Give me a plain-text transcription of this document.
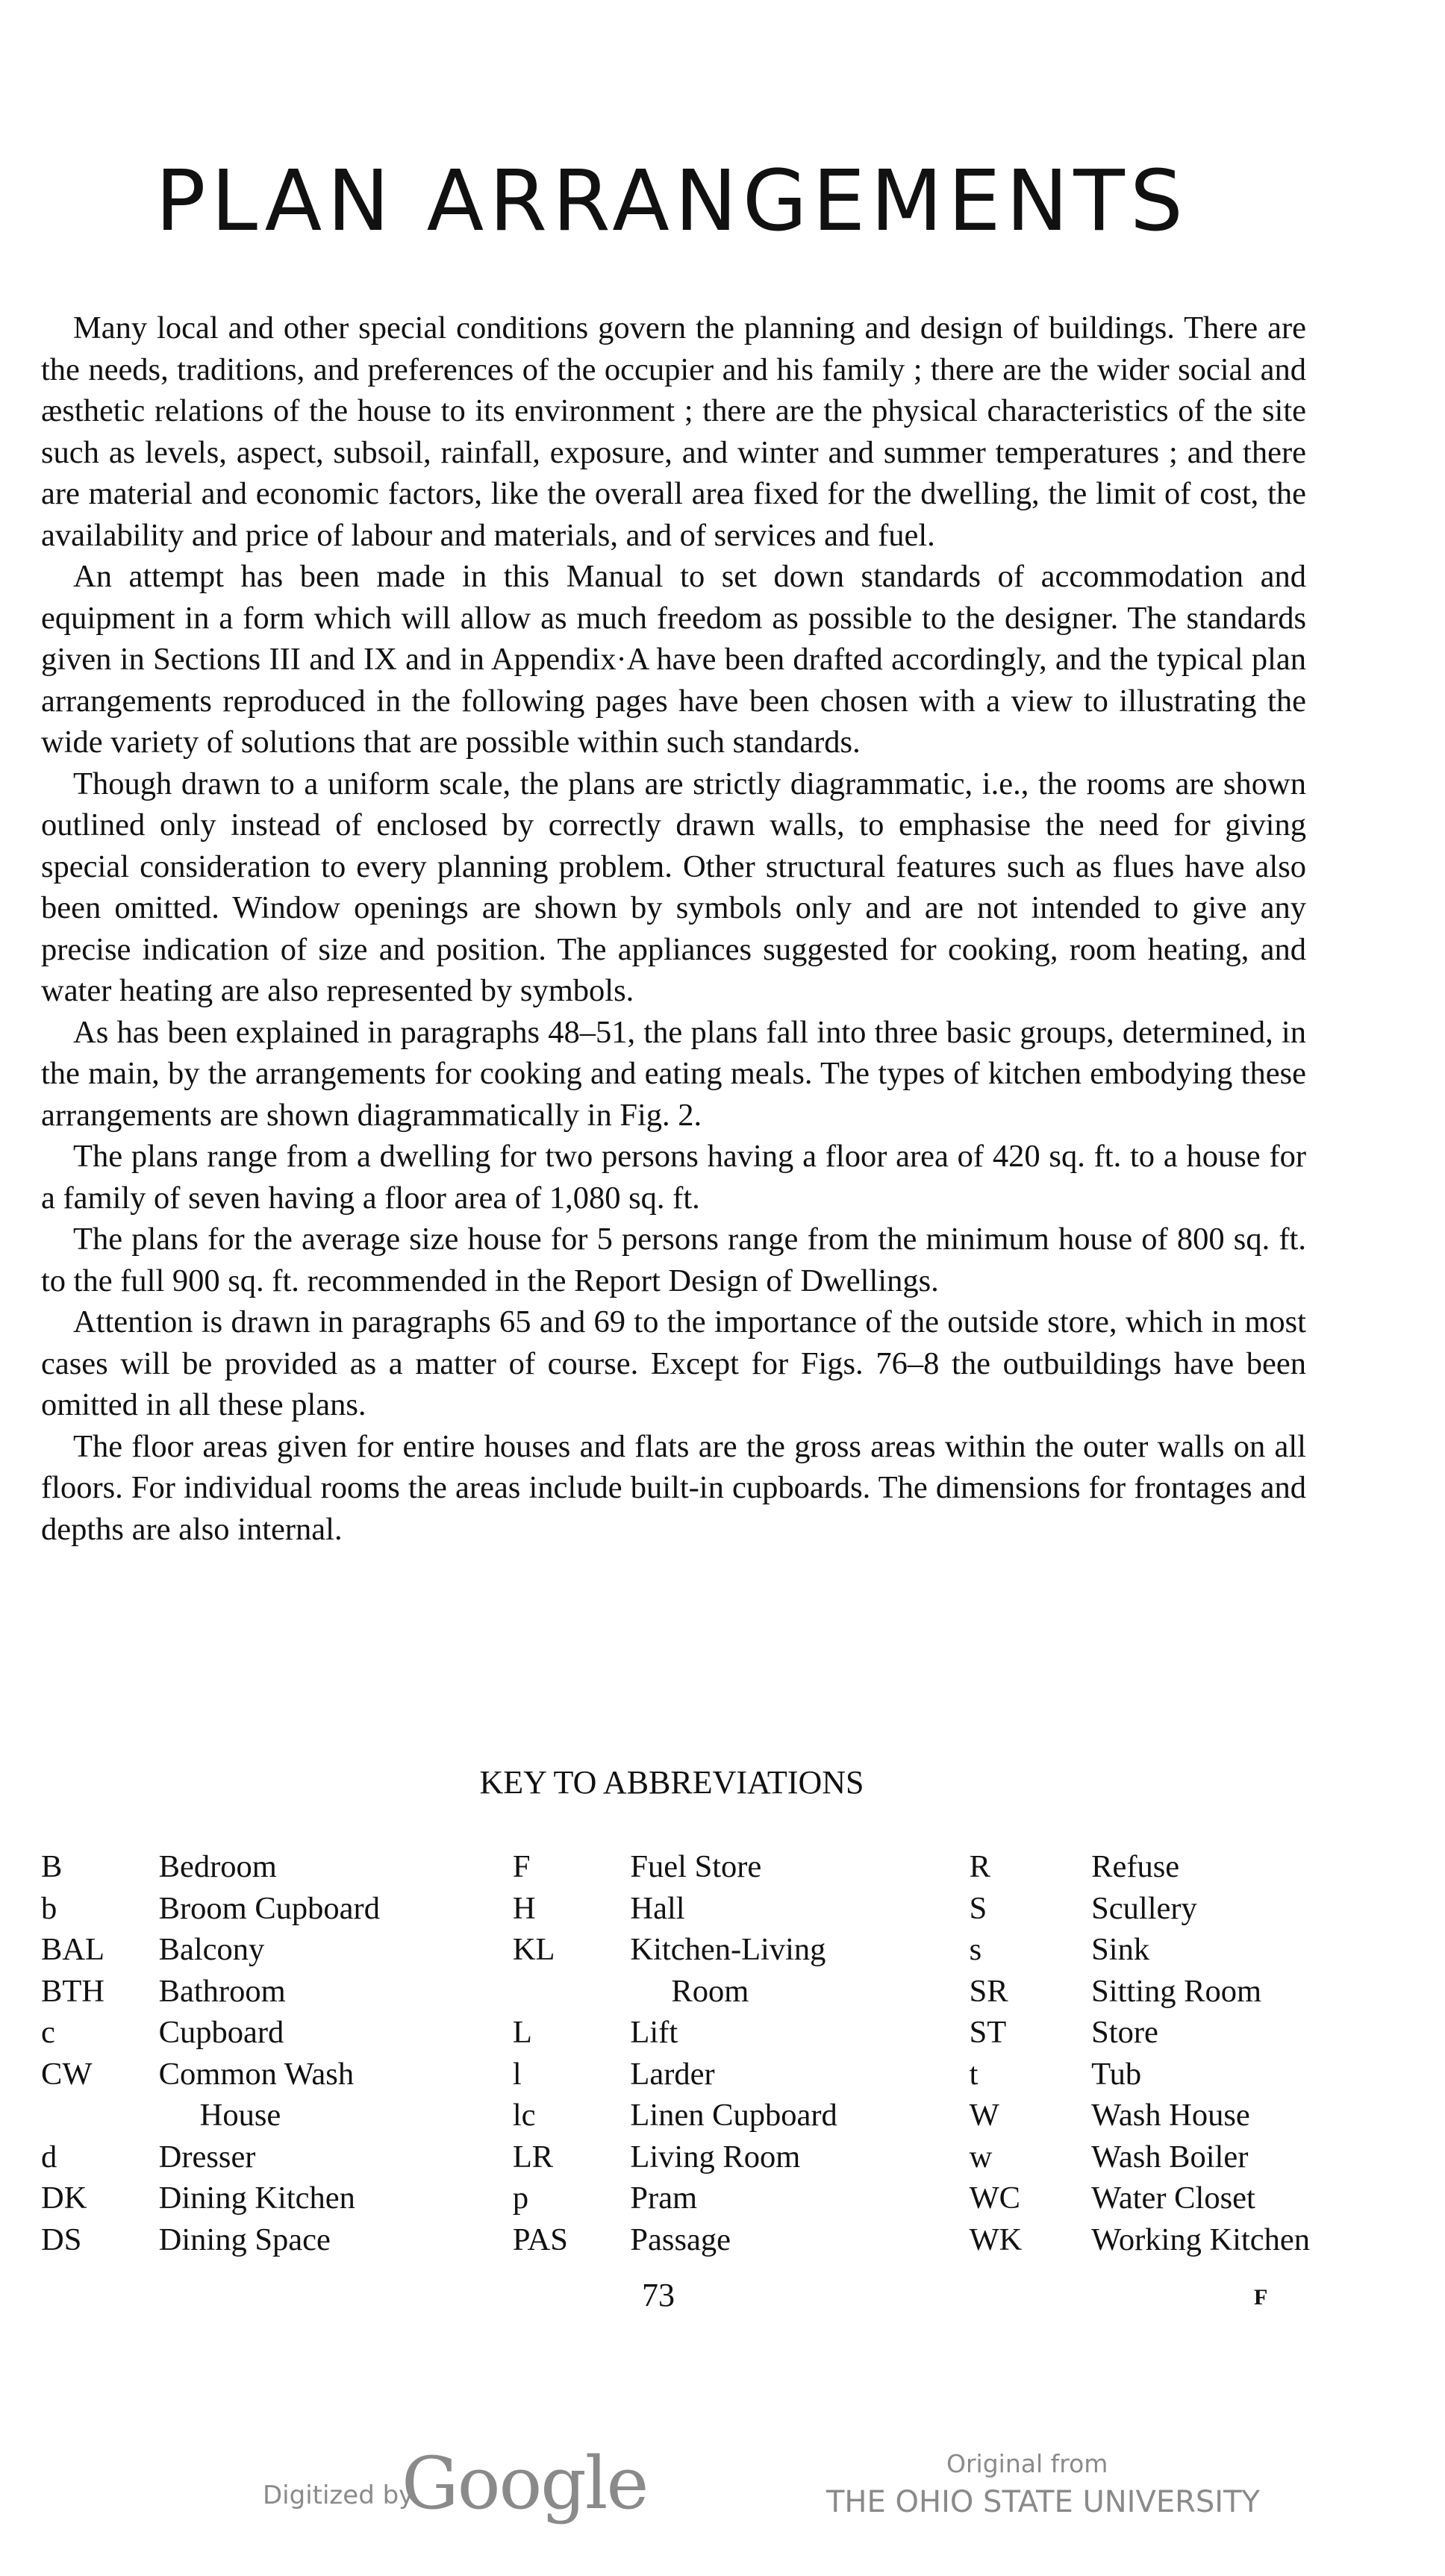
PLAN ARRANGEMENTS

Many local and other special conditions govern the planning and design of buildings. There are the needs, traditions, and preferences of the occupier and his family ; there are the wider social and æsthetic relations of the house to its environment ; there are the physical characteristics of the site such as levels, aspect, subsoil, rainfall, exposure, and winter and summer temperatures ; and there are material and economic factors, like the overall area fixed for the dwelling, the limit of cost, the availability and price of labour and materials, and of services and fuel.

An attempt has been made in this Manual to set down standards of accommodation and equipment in a form which will allow as much freedom as possible to the designer. The standards given in Sections III and IX and in Appendix·A have been drafted accordingly, and the typical plan arrangements reproduced in the following pages have been chosen with a view to illustrating the wide variety of solutions that are possible within such standards.

Though drawn to a uniform scale, the plans are strictly diagrammatic, i.e., the rooms are shown outlined only instead of enclosed by correctly drawn walls, to emphasise the need for giving special consideration to every planning problem. Other structural features such as flues have also been omitted. Window openings are shown by symbols only and are not intended to give any precise indication of size and position. The appliances suggested for cooking, room heating, and water heating are also represented by symbols.

As has been explained in paragraphs 48–51, the plans fall into three basic groups, determined, in the main, by the arrangements for cooking and eating meals. The types of kitchen embodying these arrangements are shown diagrammatically in Fig. 2.

The plans range from a dwelling for two persons having a floor area of 420 sq. ft. to a house for a family of seven having a floor area of 1,080 sq. ft.

The plans for the average size house for 5 persons range from the minimum house of 800 sq. ft. to the full 900 sq. ft. recommended in the Report Design of Dwellings.

Attention is drawn in paragraphs 65 and 69 to the importance of the outside store, which in most cases will be provided as a matter of course. Except for Figs. 76–8 the outbuildings have been omitted in all these plans.

The floor areas given for entire houses and flats are the gross areas within the outer walls on all floors. For individual rooms the areas include built-in cupboards. The dimensions for frontages and depths are also internal.

KEY TO ABBREVIATIONS
B	Bedroom	F	Fuel Store	R	Refuse
b	Broom Cupboard	H	Hall	S	Scullery
BAL	Balcony	KL	Kitchen-Living	s	Sink
BTH	Bathroom		Room	SR	Sitting Room
c	Cupboard	L	Lift	ST	Store
CW	Common Wash	l	Larder	t	Tub
	House	lc	Linen Cupboard	W	Wash House
d	Dresser	LR	Living Room	w	Wash Boiler
DK	Dining Kitchen	p	Pram	WC	Water Closet
DS	Dining Space	PAS	Passage	WK	Working Kitchen
73	F
Digitized by
Google	Original from
THE OHIO STATE UNIVERSITY
